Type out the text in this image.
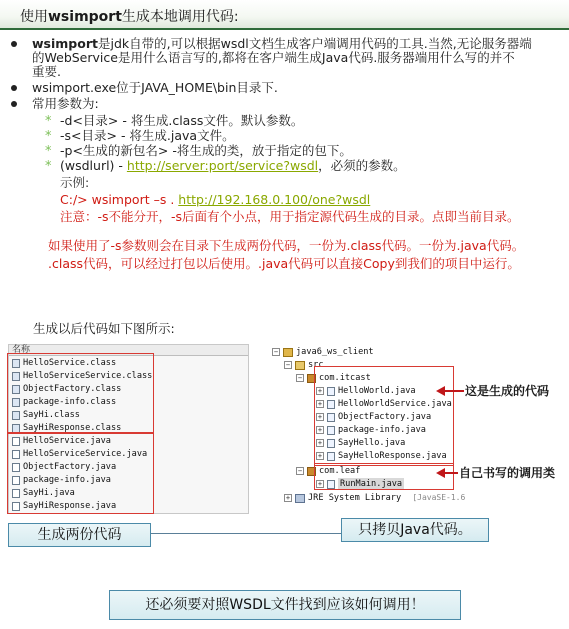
使用wsimport生成本地调用代码:
wsimport是jdk自带的,可以根据wsdl文档生成客户端调用代码的工具.当然,无论服务器端
的WebService是用什么语言写的,都将在客户端生成Java代码.服务器端用什么写的并不
重要.
wsimport.exe位于JAVA_HOME\bin目录下.
常用参数为:
* -d<目录> - 将生成.class文件。默认参数。
* -s<目录> - 将生成.java文件。
* -p<生成的新包名> -将生成的类，放于指定的包下。
* (wsdlurl) - http://server:port/service?wsdl，必须的参数。
示例:
C:/> wsimport –s . http://192.168.0.100/one?wsdl
注意：-s不能分开，-s后面有个小点，用于指定源代码生成的目录。点即当前目录。
如果使用了-s参数则会在目录下生成两份代码，一份为.class代码。一份为.java代码。
.class代码，可以经过打包以后使用。.java代码可以直接Copy到我们的项目中运行。
生成以后代码如下图所示:
名称
HelloService.class
HelloServiceService.class
ObjectFactory.class
package-info.class
SayHi.class
SayHiResponse.class
HelloService.java
HelloServiceService.java
ObjectFactory.java
package-info.java
SayHi.java
SayHiResponse.java
− java6_ws_client
− src
− com.itcast
+ HelloWorld.java
+ HelloWorldService.java
+ ObjectFactory.java
+ package-info.java
+ SayHello.java
+ SayHelloResponse.java
− com.leaf
+ RunMain.java
+ JRE System Library
[JavaSE-1.6
这是生成的代码
自己书写的调用类
生成两份代码	只拷贝Java代码。
还必须要对照WSDL文件找到应该如何调用！
